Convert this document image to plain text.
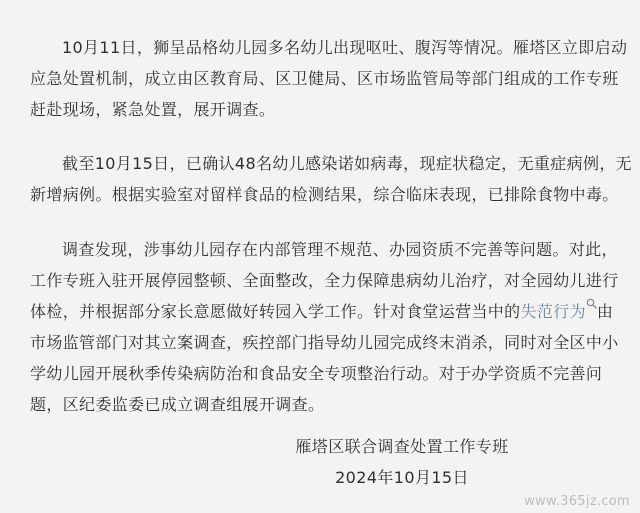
10月11日，狮呈品格幼儿园多名幼儿出现呕吐、腹泻等情况。雁塔区立即启动
应急处置机制，成立由区教育局、区卫健局、区市场监管局等部门组成的工作专班
赶赴现场，紧急处置，展开调查。
截至10月15日，已确认48名幼儿感染诺如病毒，现症状稳定，无重症病例，无
新增病例。根据实验室对留样食品的检测结果，综合临床表现，已排除食物中毒。
调查发现，涉事幼儿园存在内部管理不规范、办园资质不完善等问题。对此，
工作专班入驻开展停园整顿、全面整改，全力保障患病幼儿治疗，对全园幼儿进行
体检，并根据部分家长意愿做好转园入学工作。针对食堂运营当中的失范行为 由
市场监管部门对其立案调查，疾控部门指导幼儿园完成终末消杀，同时对全区中小
学幼儿园开展秋季传染病防治和食品安全专项整治行动。对于办学资质不完善问
题，区纪委监委已成立调查组展开调查。
雁塔区联合调查处置工作专班
2024年10月15日
www.365jz.com
